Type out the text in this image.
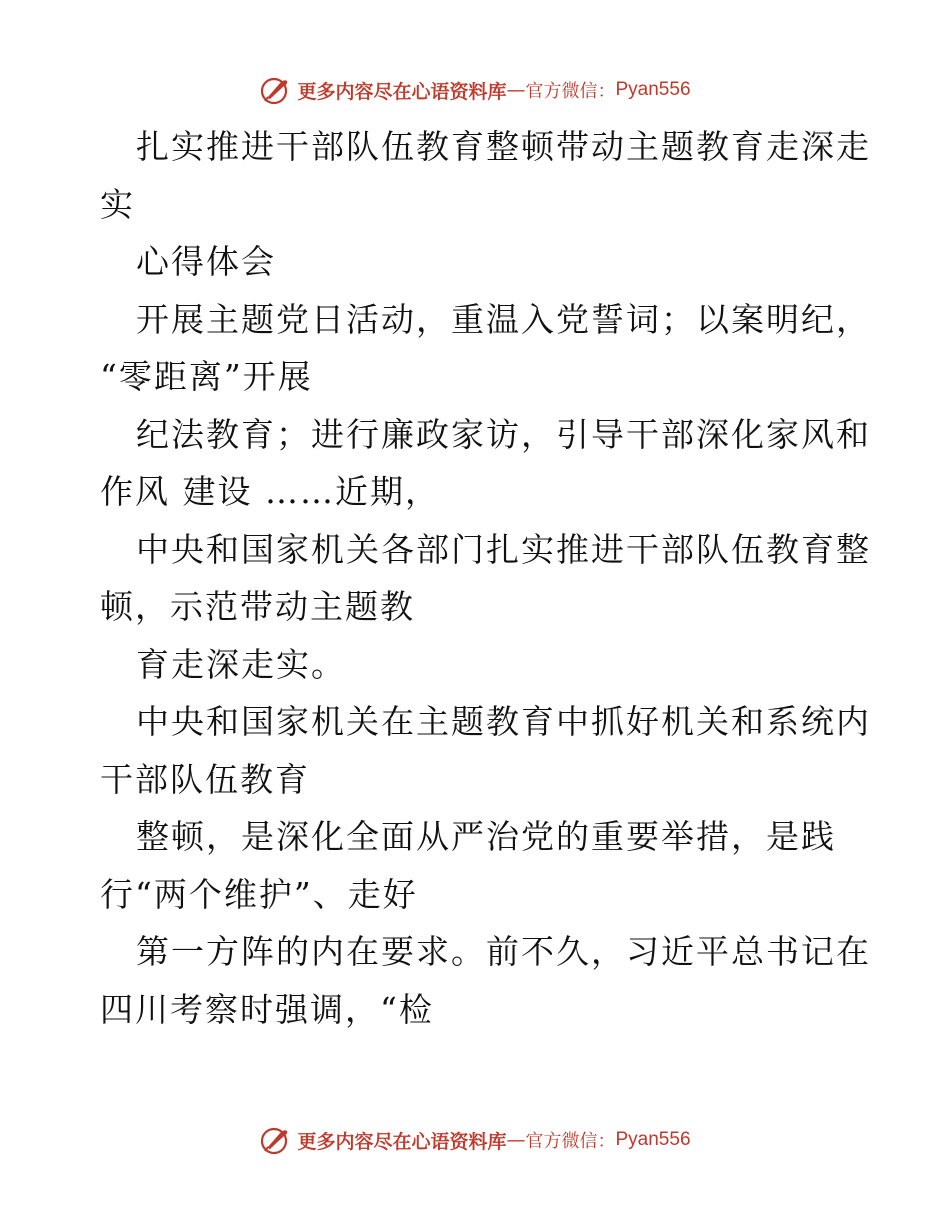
更多内容尽在心语资料库 — 官方微信： Pyan556
扎实推进干部队伍教育整顿带动主题教育走深走
实
心得体会
开展主题党日活动，重温入党誓词；以案明纪，
“零距离”开展
纪法教育；进行廉政家访，引导干部深化家风和
作风 建设 ……近期，
中央和国家机关各部门扎实推进干部队伍教育整
顿，示范带动主题教
育走深走实。
中央和国家机关在主题教育中抓好机关和系统内
干部队伍教育
整顿，是深化全面从严治党的重要举措，是践
行“两个维护”、走好
第一方阵的内在要求。前不久，习近平总书记在
四川考察时强调，“检
更多内容尽在心语资料库 — 官方微信： Pyan556
